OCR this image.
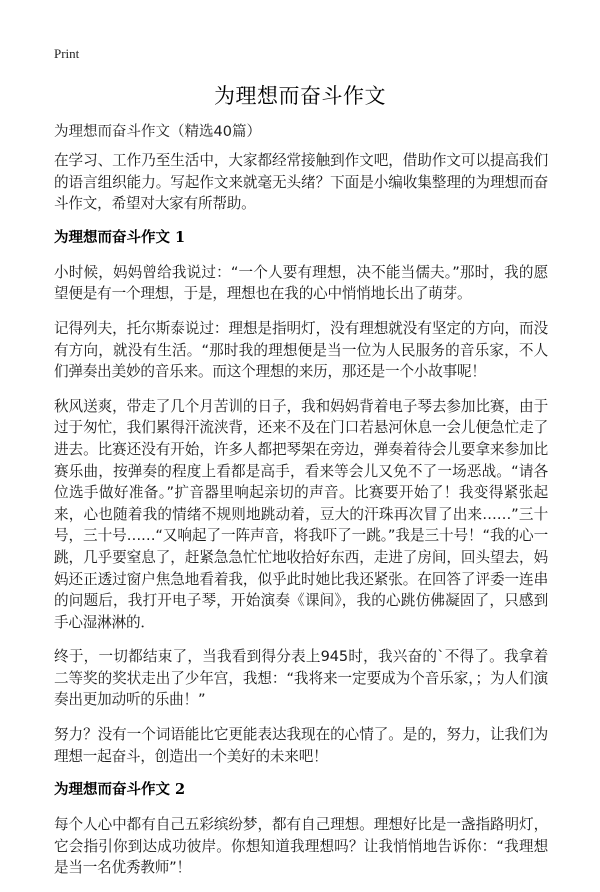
Print
为理想而奋斗作文
为理想而奋斗作文（精选40篇）

在学习、工作乃至生活中，大家都经常接触到作文吧，借助作文可以提高我们的语言组织能力。写起作文来就毫无头绪？下面是小编收集整理的为理想而奋斗作文，希望对大家有所帮助。

为理想而奋斗作文 1

小时候，妈妈曾给我说过：“一个人要有理想，决不能当儒夫。”那时，我的愿望便是有一个理想，于是，理想也在我的心中悄悄地长出了萌芽。

记得列夫，托尔斯泰说过：理想是指明灯，没有理想就没有坚定的方向，而没有方向，就没有生活。“那时我的理想便是当一位为人民服务的音乐家，不人们弹奏出美妙的音乐来。而这个理想的来历，那还是一个小故事呢！

秋风送爽，带走了几个月苦训的日子，我和妈妈背着电子琴去参加比赛，由于过于匆忙，我们累得汗流浃背，还来不及在门口若悬河休息一会儿便急忙走了进去。比赛还没有开始，许多人都把琴架在旁边，弹奏着待会儿要拿来参加比赛乐曲，按弹奏的程度上看都是高手，看来等会儿又免不了一场恶战。“请各位选手做好准备。”扩音器里响起亲切的声音。比赛要开始了！我变得紧张起来，心也随着我的情绪不规则地跳动着，豆大的汗珠再次冒了出来……”三十号，三十号……“又响起了一阵声音，将我吓了一跳。”我是三十号！“我的心一跳，几乎要窒息了，赶紧急急忙忙地收拾好东西，走进了房间，回头望去，妈妈还正透过窗户焦急地看着我，似乎此时她比我还紧张。在回答了评委一连串的问题后，我打开电子琴，开始演奏《课间》，我的心跳仿佛凝固了，只感到手心湿淋淋的．

终于，一切都结束了，当我看到得分表上945时，我兴奋的`不得了。我拿着二等奖的奖状走出了少年宫，我想：“我将来一定要成为个音乐家，；为人们演奏出更加动听的乐曲！”

努力？没有一个词语能比它更能表达我现在的心情了。是的，努力，让我们为理想一起奋斗，创造出一个美好的未来吧！

为理想而奋斗作文 2

每个人心中都有自己五彩缤纷梦，都有自己理想。理想好比是一盏指路明灯，它会指引你到达成功彼岸。你想知道我理想吗？让我悄悄地告诉你：“我理想是当一名优秀教师”！
